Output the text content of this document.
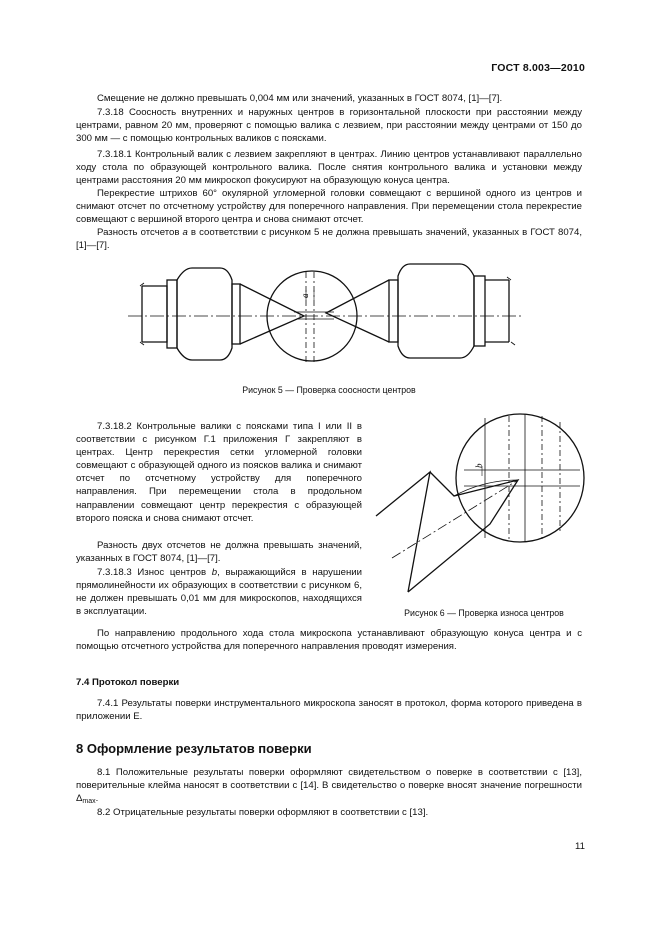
ГОСТ 8.003—2010

Смещение не должно превышать 0,004 мм или значений, указанных в ГОСТ 8074, [1]—[7].

7.3.18 Соосность внутренних и наружных центров в горизонтальной плоскости при расстоянии между центрами, равном 20 мм, проверяют с помощью валика с лезвием, при расстоянии между центрами от 150 до 300 мм — с помощью контрольных валиков с поясками.

7.3.18.1 Контрольный валик с лезвием закрепляют в центрах. Линию центров устанавливают параллельно ходу стола по образующей контрольного валика. После снятия контрольного валика и установки между центрами расстояния 20 мм микроскоп фокусируют на образующую конуса центра.

Перекрестие штрихов 60° окулярной угломерной головки совмещают с вершиной одного из центров и снимают отсчет по отсчетному устройству для поперечного направления. При перемещении стола перекрестие совмещают с вершиной второго центра и снова снимают отсчет.

Разность отсчетов a в соответствии с рисунком 5 не должна превышать значений, указанных в ГОСТ 8074, [1]—[7].

a
Рисунок 5 — Проверка соосности центров

7.3.18.2 Контрольные валики с поясками типа I или II в соответствии с рисунком Г.1 приложения Г закрепляют в центрах. Центр перекрестия сетки угломерной головки совмещают с образующей одного из поясков валика и снимают отсчет по отсчетному устройству для поперечного направления. При перемещении стола в продольном направлении совмещают центр перекрестия с образующей второго пояска и снова снимают отсчет.

Разность двух отсчетов не должна превышать значений, указанных в ГОСТ 8074, [1]—[7].

7.3.18.3 Износ центров b, выражающийся в нарушении прямолинейности их образующих в соответствии с рисунком 6, не должен превышать 0,01 мм для микроскопов, находящихся в эксплуатации.

По направлению продольного хода стола микроскопа устанавливают образующую конуса центра и с помощью отсчетного устройства для поперечного направления проводят измерения.

b
Рисунок 6 — Проверка износа центров
7.4 Протокол поверки

7.4.1 Результаты поверки инструментального микроскопа заносят в протокол, форма которого приведена в приложении Е.

8 Оформление результатов поверки

8.1 Положительные результаты поверки оформляют свидетельством о поверке в соответствии с [13], поверительные клейма наносят в соответствии с [14]. В свидетельство о поверке вносят значение погрешности $\Delta_{max}$.

8.2 Отрицательные результаты поверки оформляют в соответствии с [13].

11
